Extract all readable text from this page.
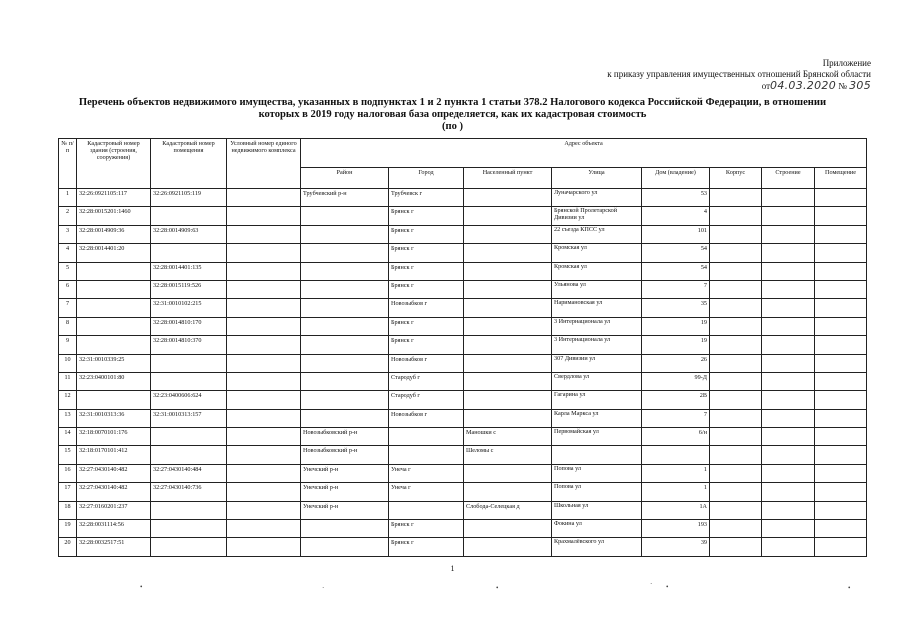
Приложение
к приказу управления имущественных отношений Брянской области
от04.03.2020 № 305
Перечень объектов недвижимого имущества, указанных в подпунктах 1 и 2 пункта 1 статьи 378.2 Налогового кодекса Российской Федерации, в отношении
которых в 2019 году налоговая база определяется, как их кадастровая стоимость
(по )
№ п/п	Кадастровый номер здания (строения, сооружения)	Кадастровый номер помещения	Условный номер единого недвижимого комплекса	Адрес объекта							
				Район	Город	Населенный пункт	Улица	Дом (владение)	Корпус	Строение	Помещение
1	32:26:0921105:117	32:26:0921105:119		Трубчевский р-н	Трубчевск г		Луначарского ул	53			
2	32:28:0015201:1460				Брянск г		Брянской Пролетарской Дивизии ул	4			
3	32:28:0014909:36	32:28:0014909:63			Брянск г		22 съезда КПСС ул	101			
4	32:28:0014401:20				Брянск г		Кромская ул	54			
5		32:28:0014401:135			Брянск г		Кромская ул	54			
6		32:28:0015119:526			Брянск г		Ульянова ул	7			
7		32:31:0010102:215			Новозыбков г		Наримановская ул	35			
8		32:28:0014810:170			Брянск г		3 Интернационала ул	19			
9		32:28:0014810:370			Брянск г		3 Интернационала ул	19			
10	32:31:0010339:25				Новозыбков г		307 Дивизии ул	26			
11	32:23:0400101:80				Стародуб г		Свердлова ул	99-Д			
12		32:23:0400606:624			Стародуб г		Гагарина ул	2В			
13	32:31:0010313:36	32:31:0010313:157			Новозыбков г		Карла Маркса ул	7			
14	32:18:0070101:176			Новозыбковский р-н		Маношки с	Первомайская ул	6/н			
15	32:18:0170101:412			Новозыбковский р-н		Шеломы с					
16	32:27:0430140:482	32:27:0430140:484		Унечский р-н	Унеча г		Попова ул	1			
17	32:27:0430140:482	32:27:0430140:736		Унечский р-н	Унеча г		Попова ул	1			
18	32:27:0160201:237			Унечский р-н		Слобода-Селецкая д	Школьная ул	1А			
19	32:28:0031114:56				Брянск г		Фокина ул	193			
20	32:28:0032517:51				Брянск г		Крахмалёвского ул	39			
1
•	·	•	· •	•
